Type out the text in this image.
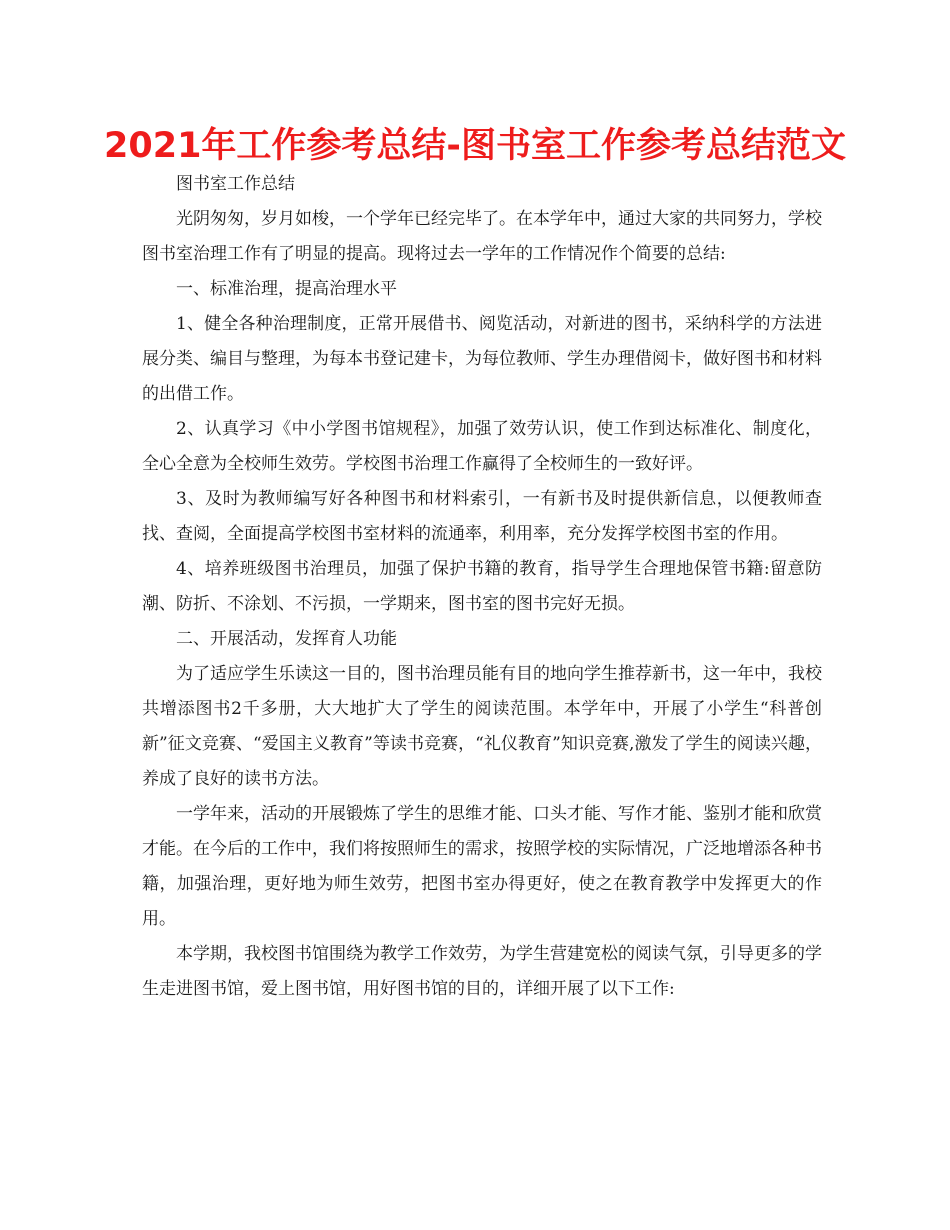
2021年工作参考总结-图书室工作参考总结范文

图书室工作总结

光阴匆匆，岁月如梭，一个学年已经完毕了。在本学年中，通过大家的共同努力，学校图书室治理工作有了明显的提高。现将过去一学年的工作情况作个简要的总结:

一、标准治理，提高治理水平

1、健全各种治理制度，正常开展借书、阅览活动，对新进的图书，采纳科学的方法进展分类、编目与整理，为每本书登记建卡，为每位教师、学生办理借阅卡，做好图书和材料的出借工作。

2、认真学习《中小学图书馆规程》，加强了效劳认识，使工作到达标准化、制度化，全心全意为全校师生效劳。学校图书治理工作赢得了全校师生的一致好评。

3、及时为教师编写好各种图书和材料索引，一有新书及时提供新信息，以便教师查找、查阅，全面提高学校图书室材料的流通率，利用率，充分发挥学校图书室的作用。

4、培养班级图书治理员，加强了保护书籍的教育，指导学生合理地保管书籍:留意防潮、防折、不涂划、不污损，一学期来，图书室的图书完好无损。

二、开展活动，发挥育人功能

为了适应学生乐读这一目的，图书治理员能有目的地向学生推荐新书，这一年中，我校共增添图书2千多册，大大地扩大了学生的阅读范围。本学年中，开展了小学生“科普创新”征文竞赛、“爱国主义教育”等读书竞赛，“礼仪教育”知识竞赛,激发了学生的阅读兴趣，养成了良好的读书方法。

一学年来，活动的开展锻炼了学生的思维才能、口头才能、写作才能、鉴别才能和欣赏才能。在今后的工作中，我们将按照师生的需求，按照学校的实际情况，广泛地增添各种书籍，加强治理，更好地为师生效劳，把图书室办得更好，使之在教育教学中发挥更大的作用。

本学期，我校图书馆围绕为教学工作效劳，为学生营建宽松的阅读气氛，引导更多的学生走进图书馆，爱上图书馆，用好图书馆的目的，详细开展了以下工作:
